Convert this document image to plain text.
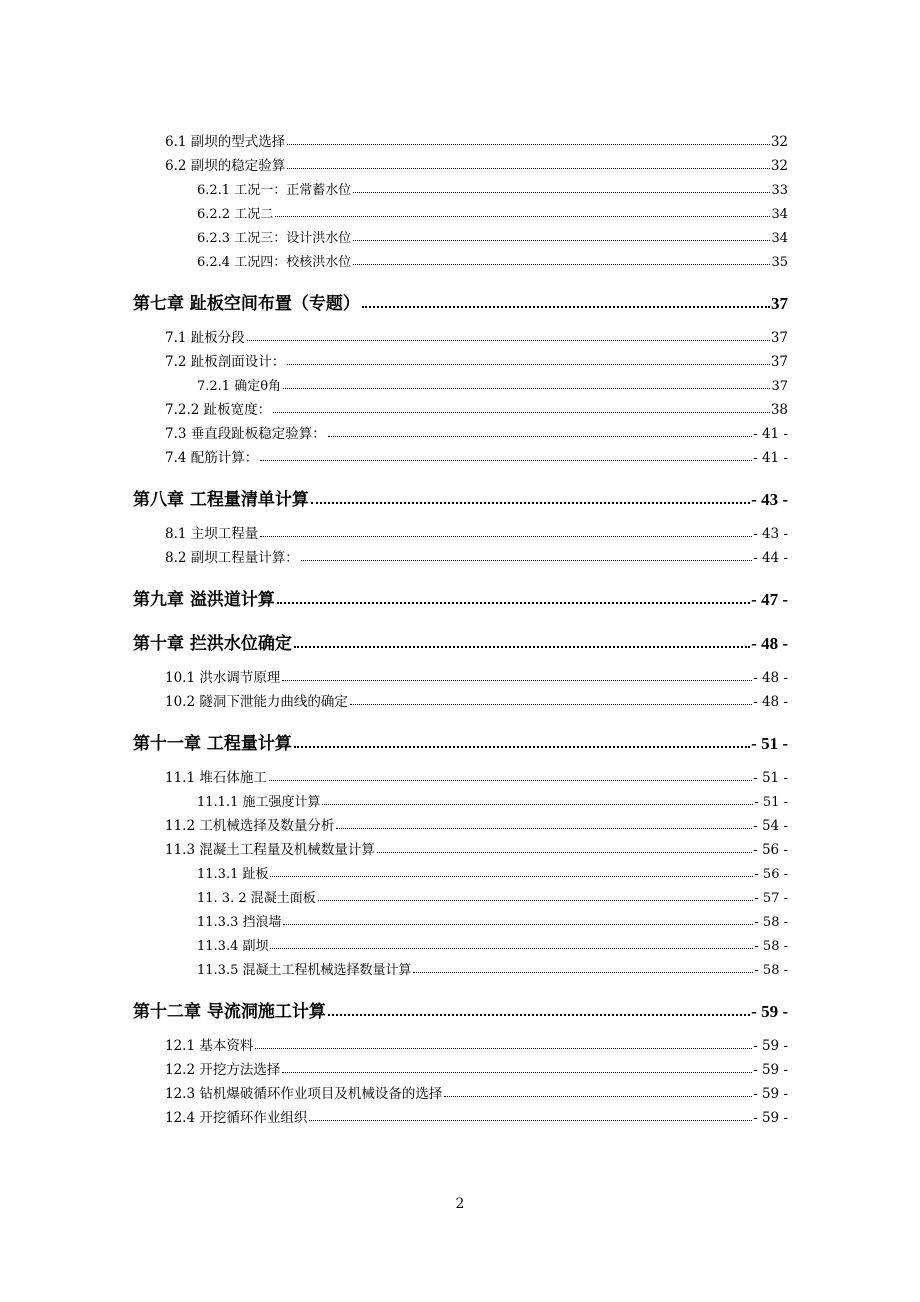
6.1 副坝的型式选择	32
6.2 副坝的稳定验算	32
6.2.1 工况一：正常蓄水位	33
6.2.2 工况二	34
6.2.3 工况三：设计洪水位	34
6.2.4 工况四：校核洪水位	35
第七章 趾板空间布置（专题）	37
7.1 趾板分段	37
7.2 趾板剖面设计：	37
7.2.1 确定θ角	37
7.2.2 趾板宽度：	38
7.3 垂直段趾板稳定验算：	- 41 -
7.4 配筋计算：	- 41 -
第八章 工程量清单计算	- 43 -
8.1 主坝工程量	- 43 -
8.2 副坝工程量计算：	- 44 -
第九章 溢洪道计算	- 47 -
第十章 拦洪水位确定	- 48 -
10.1 洪水调节原理	- 48 -
10.2 隧洞下泄能力曲线的确定	- 48 -
第十一章 工程量计算	- 51 -
11.1 堆石体施工	- 51 -
11.1.1 施工强度计算	- 51 -
11.2 工机械选择及数量分析	- 54 -
11.3 混凝土工程量及机械数量计算	- 56 -
11.3.1 趾板	- 56 -
11. 3. 2 混凝土面板	- 57 -
11.3.3 挡浪墙	- 58 -
11.3.4 副坝	- 58 -
11.3.5 混凝土工程机械选择数量计算	- 58 -
第十二章 导流洞施工计算	- 59 -
12.1 基本资料	- 59 -
12.2 开挖方法选择	- 59 -
12.3 钻机爆破循环作业项目及机械设备的选择	- 59 -
12.4 开挖循环作业组织	- 59 -
2
